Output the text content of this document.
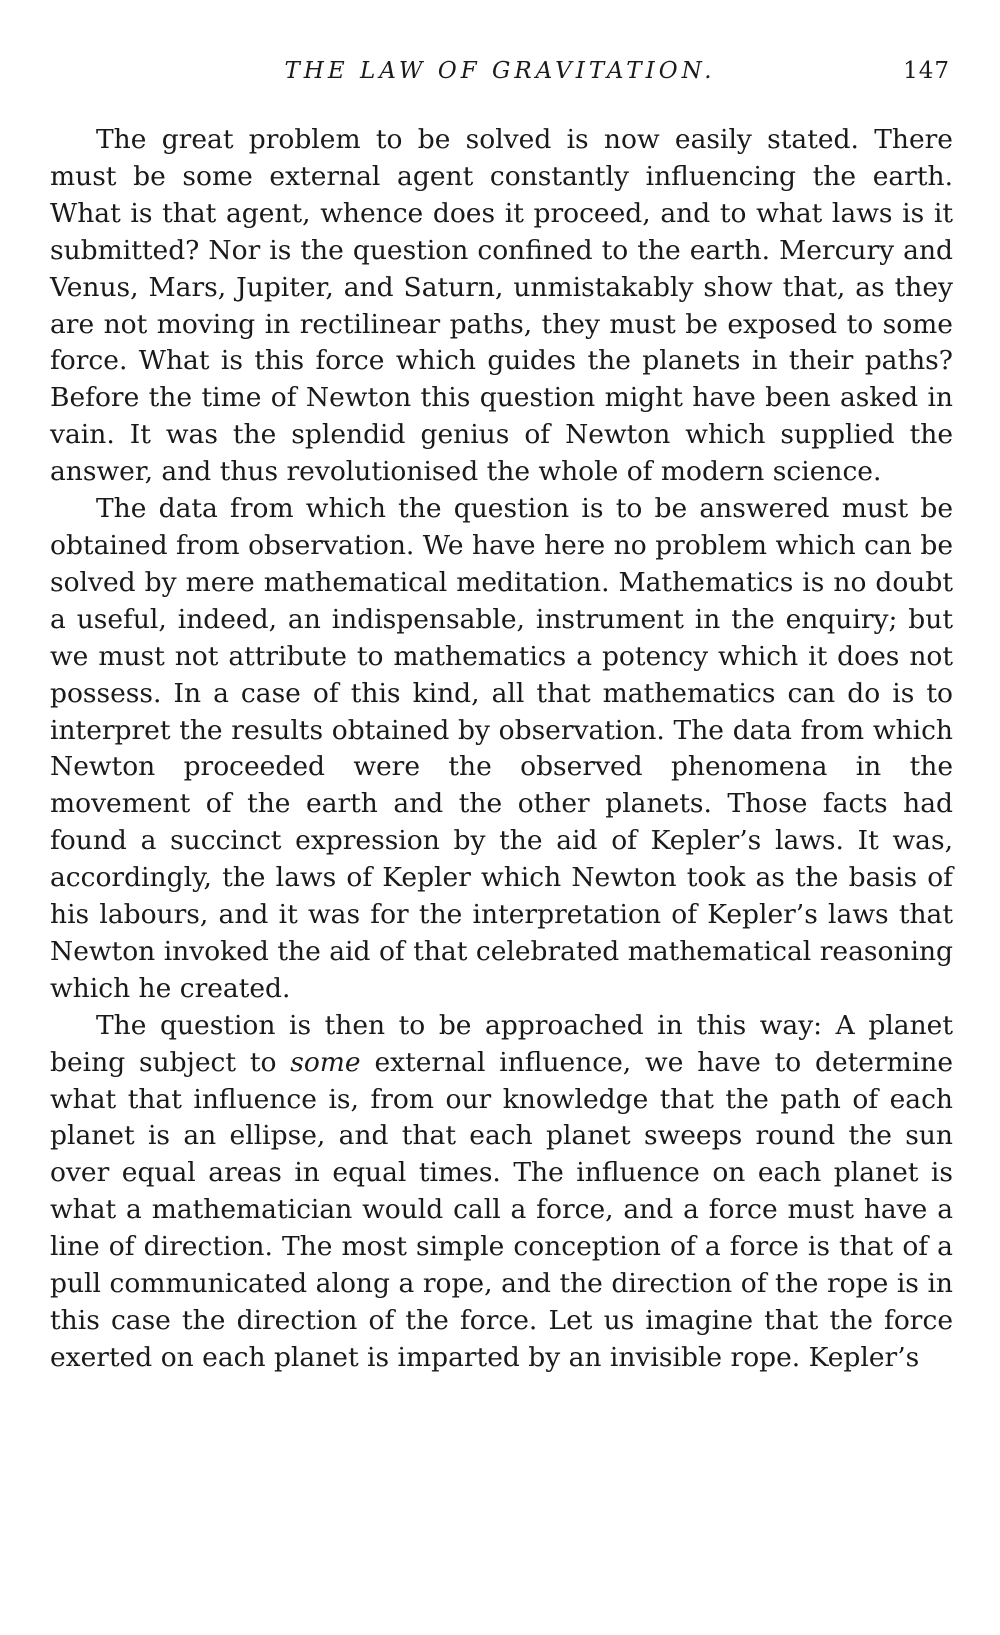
THE LAW OF GRAVITATION.	147

The great problem to be solved is now easily stated. There must be some external agent constantly influencing the earth. What is that agent, whence does it proceed, and to what laws is it submitted? Nor is the question confined to the earth. Mercury and Venus, Mars, Jupiter, and Saturn, unmistakably show that, as they are not moving in rectilinear paths, they must be exposed to some force. What is this force which guides the planets in their paths? Before the time of Newton this question might have been asked in vain. It was the splendid genius of Newton which supplied the answer, and thus revolutionised the whole of modern science.

The data from which the question is to be answered must be obtained from observation. We have here no problem which can be solved by mere mathematical meditation. Mathematics is no doubt a useful, indeed, an indispensable, instrument in the enquiry; but we must not attribute to mathematics a potency which it does not possess. In a case of this kind, all that mathematics can do is to interpret the results obtained by observation. The data from which Newton proceeded were the observed phenomena in the movement of the earth and the other planets. Those facts had found a succinct expression by the aid of Kepler’s laws. It was, accordingly, the laws of Kepler which Newton took as the basis of his labours, and it was for the interpretation of Kepler’s laws that Newton invoked the aid of that celebrated mathematical reasoning which he created.

The question is then to be approached in this way: A planet being subject to some external influence, we have to determine what that influence is, from our knowledge that the path of each planet is an ellipse, and that each planet sweeps round the sun over equal areas in equal times. The influence on each planet is what a mathematician would call a force, and a force must have a line of direction. The most simple conception of a force is that of a pull communicated along a rope, and the direction of the rope is in this case the direction of the force. Let us imagine that the force exerted on each planet is imparted by an invisible rope. Kepler’s
